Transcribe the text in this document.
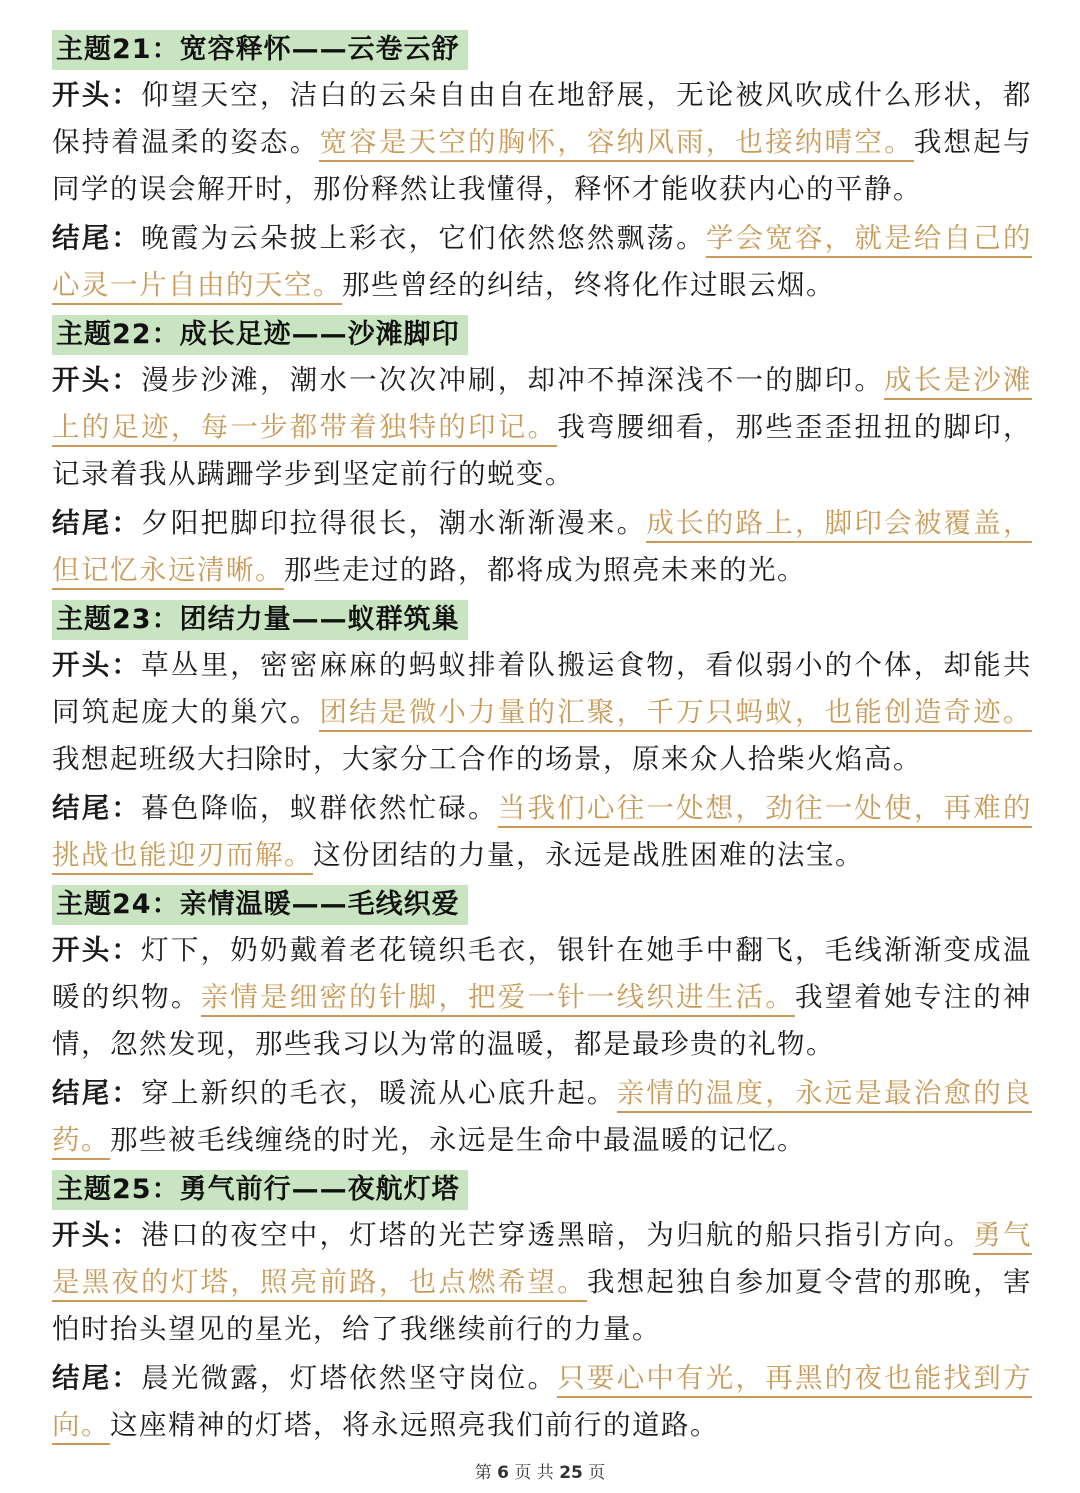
主题21：宽容释怀——云卷云舒

开头：仰望天空，洁白的云朵自由自在地舒展，无论被风吹成什么形状，都保持着温柔的姿态。宽容是天空的胸怀，容纳风雨，也接纳晴空。我想起与同学的误会解开时，那份释然让我懂得，释怀才能收获内心的平静。

结尾：晚霞为云朵披上彩衣，它们依然悠然飘荡。学会宽容，就是给自己的心灵一片自由的天空。那些曾经的纠结，终将化作过眼云烟。

主题22：成长足迹——沙滩脚印

开头：漫步沙滩，潮水一次次冲刷，却冲不掉深浅不一的脚印。成长是沙滩上的足迹，每一步都带着独特的印记。我弯腰细看，那些歪歪扭扭的脚印，记录着我从蹒跚学步到坚定前行的蜕变。

结尾：夕阳把脚印拉得很长，潮水渐渐漫来。成长的路上，脚印会被覆盖，但记忆永远清晰。那些走过的路，都将成为照亮未来的光。

主题23：团结力量——蚁群筑巢

开头：草丛里，密密麻麻的蚂蚁排着队搬运食物，看似弱小的个体，却能共同筑起庞大的巢穴。团结是微小力量的汇聚，千万只蚂蚁，也能创造奇迹。我想起班级大扫除时，大家分工合作的场景，原来众人拾柴火焰高。

结尾：暮色降临，蚁群依然忙碌。当我们心往一处想，劲往一处使，再难的挑战也能迎刃而解。这份团结的力量，永远是战胜困难的法宝。

主题24：亲情温暖——毛线织爱

开头：灯下，奶奶戴着老花镜织毛衣，银针在她手中翻飞，毛线渐渐变成温暖的织物。亲情是细密的针脚，把爱一针一线织进生活。我望着她专注的神情，忽然发现，那些我习以为常的温暖，都是最珍贵的礼物。

结尾：穿上新织的毛衣，暖流从心底升起。亲情的温度，永远是最治愈的良药。那些被毛线缠绕的时光，永远是生命中最温暖的记忆。

主题25：勇气前行——夜航灯塔

开头：港口的夜空中，灯塔的光芒穿透黑暗，为归航的船只指引方向。勇气是黑夜的灯塔，照亮前路，也点燃希望。我想起独自参加夏令营的那晚，害怕时抬头望见的星光，给了我继续前行的力量。

结尾：晨光微露，灯塔依然坚守岗位。只要心中有光，再黑的夜也能找到方向。这座精神的灯塔，将永远照亮我们前行的道路。

第 6 页 共 25 页
